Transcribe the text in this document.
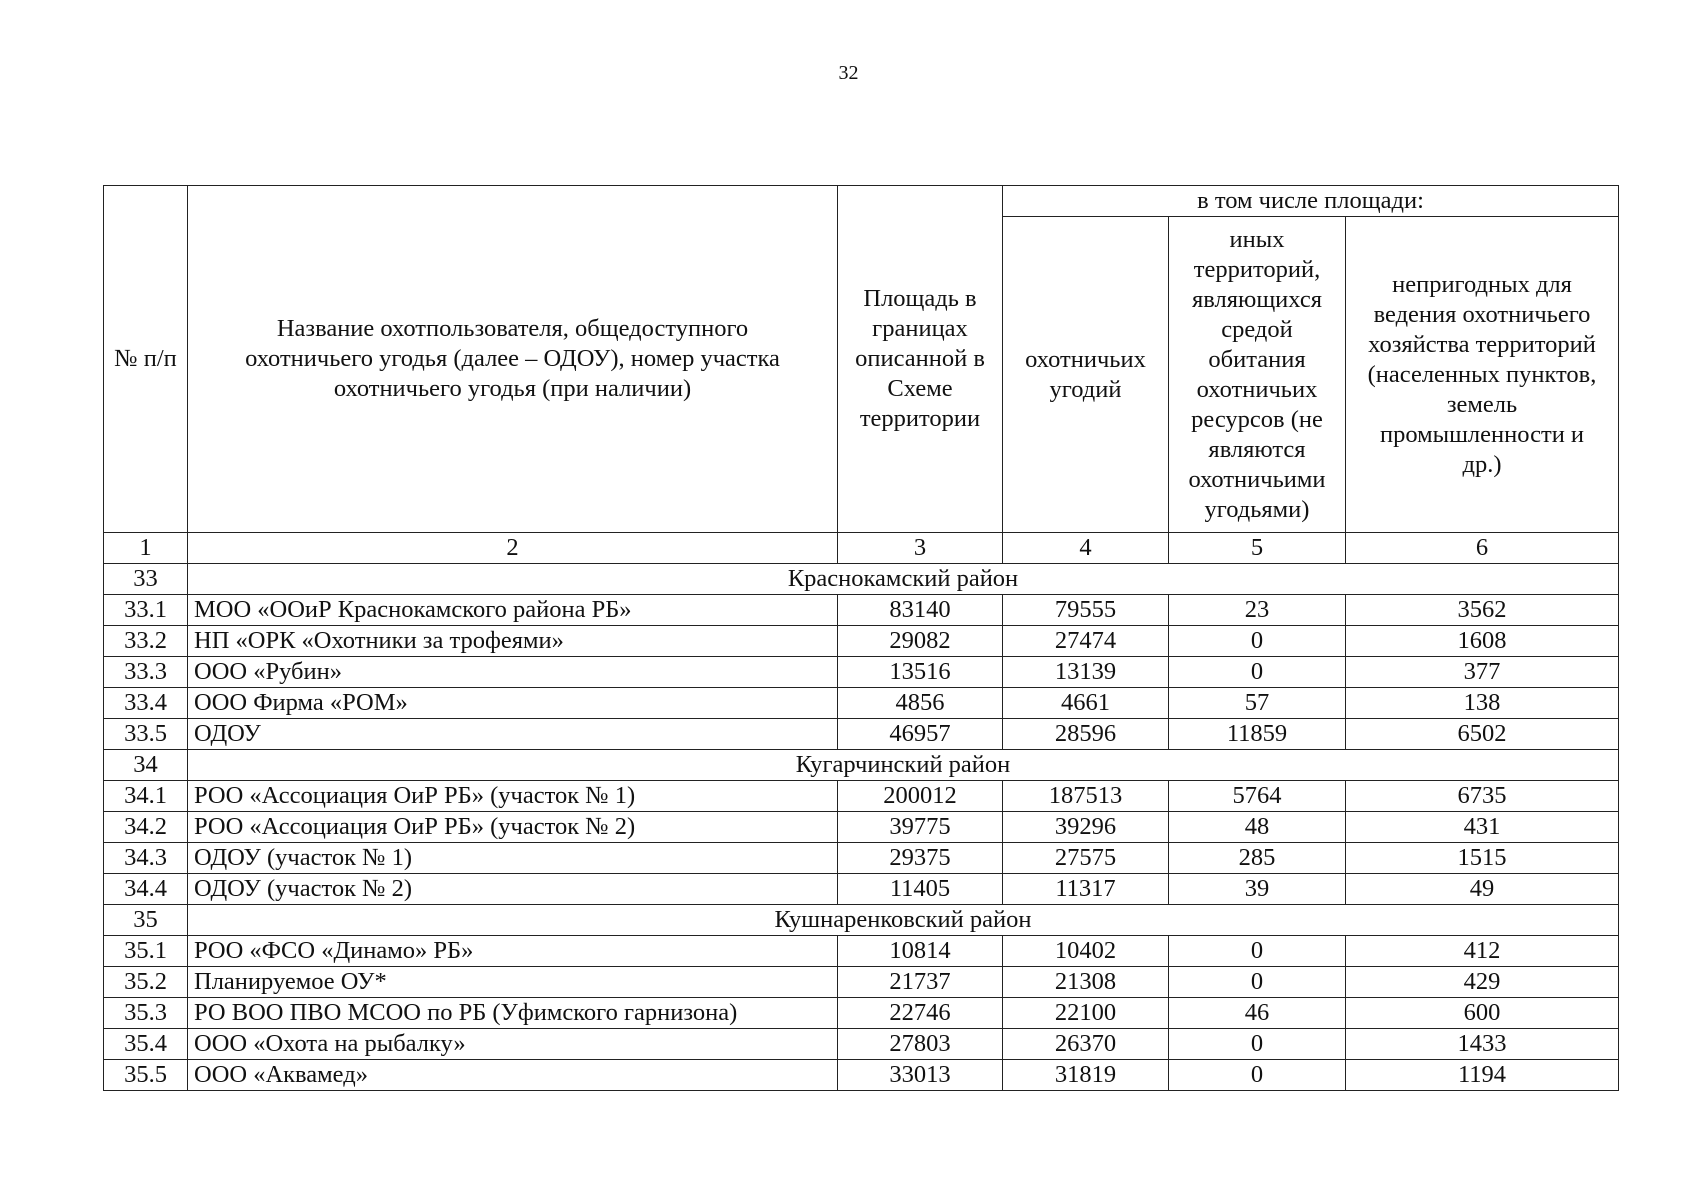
32
№ п/п	Название охотпользователя, общедоступного охотничьего угодья (далее – ОДОУ), номер участка охотничьего угодья (при наличии)	Площадь в границах описанной в Схеме территории	в том числе площади:		
			охотничьих угодий	иных территорий, являющихся средой обитания охотничьих ресурсов (не являются охотничьими угодьями)	непригодных для ведения охотничьего хозяйства территорий (населенных пунктов, земель промышленности и др.)
1	2	3	4	5	6
33	Краснокамский район				
33.1	МОО «ООиР Краснокамского района РБ»	83140	79555	23	3562
33.2	НП «ОРК «Охотники за трофеями»	29082	27474	0	1608
33.3	ООО «Рубин»	13516	13139	0	377
33.4	ООО Фирма «РОМ»	4856	4661	57	138
33.5	ОДОУ	46957	28596	11859	6502
34	Кугарчинский район				
34.1	РОО «Ассоциация ОиР РБ» (участок № 1)	200012	187513	5764	6735
34.2	РОО «Ассоциация ОиР РБ» (участок № 2)	39775	39296	48	431
34.3	ОДОУ (участок № 1)	29375	27575	285	1515
34.4	ОДОУ (участок № 2)	11405	11317	39	49
35	Кушнаренковский район				
35.1	РОО «ФСО «Динамо» РБ»	10814	10402	0	412
35.2	Планируемое ОУ*	21737	21308	0	429
35.3	РО ВОО ПВО МСОО по РБ (Уфимского гарнизона)	22746	22100	46	600
35.4	ООО «Охота на рыбалку»	27803	26370	0	1433
35.5	ООО «Аквамед»	33013	31819	0	1194
